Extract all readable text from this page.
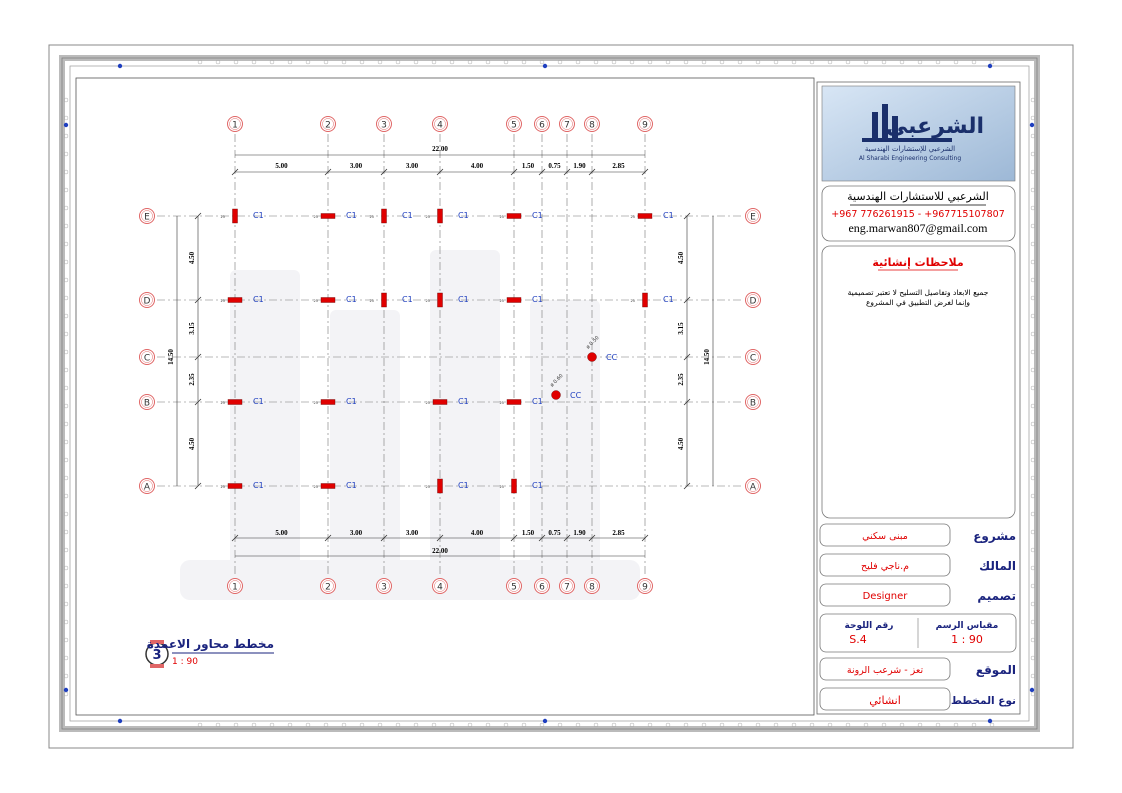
1
1
2
2
3
3
4
4
5
5
6
6
7
7
8
8
9
9
E	E
D	D
C	C
B	B
A	A
5.00	3.00	3.00	4.00	1.50 0.75 1.90	2.85
5.00	3.00	3.00	4.00	1.50 0.75 1.90	2.85
22.00
22.00
4.50
3.15
2.35
4.50
4.50
3.15
2.35
4.50
14.50	14.50
25	C1	25	C1	25	C1	25	C1	25	C1	25	C1
25	C1	25	C1	25	C1	25	C1	25	C1	25	C1
25	C1	25	C1	25	C1	25	C1
25	C1	25	C1	25	C1	25	C1
ø 0.50
CC
ø 0.60
CC
3
مخطط محاور الاعمدة
1 : 90
الشرعبي
الشرعبي للإستشارات الهندسية
Al Sharabi Engineering Consulting
الشرعبي للاستشارات الهندسية
+967 776261915 - +967715107807
eng.marwan807@gmail.com
ملاحظات إنشائية
جميع الابعاد وتفاصيل التسليح لا تعتبر تصميمية
وإنما لغرض التطبيق في المشروع
مبنى سكني	مشروع
م.ناجي فليح	المالك
Designer	تصميم
مقياس الرسم
1 : 90
رقم اللوحة
S.4
تعز - شرعب الرونة	الموقع
انشائي	نوع المخطط
